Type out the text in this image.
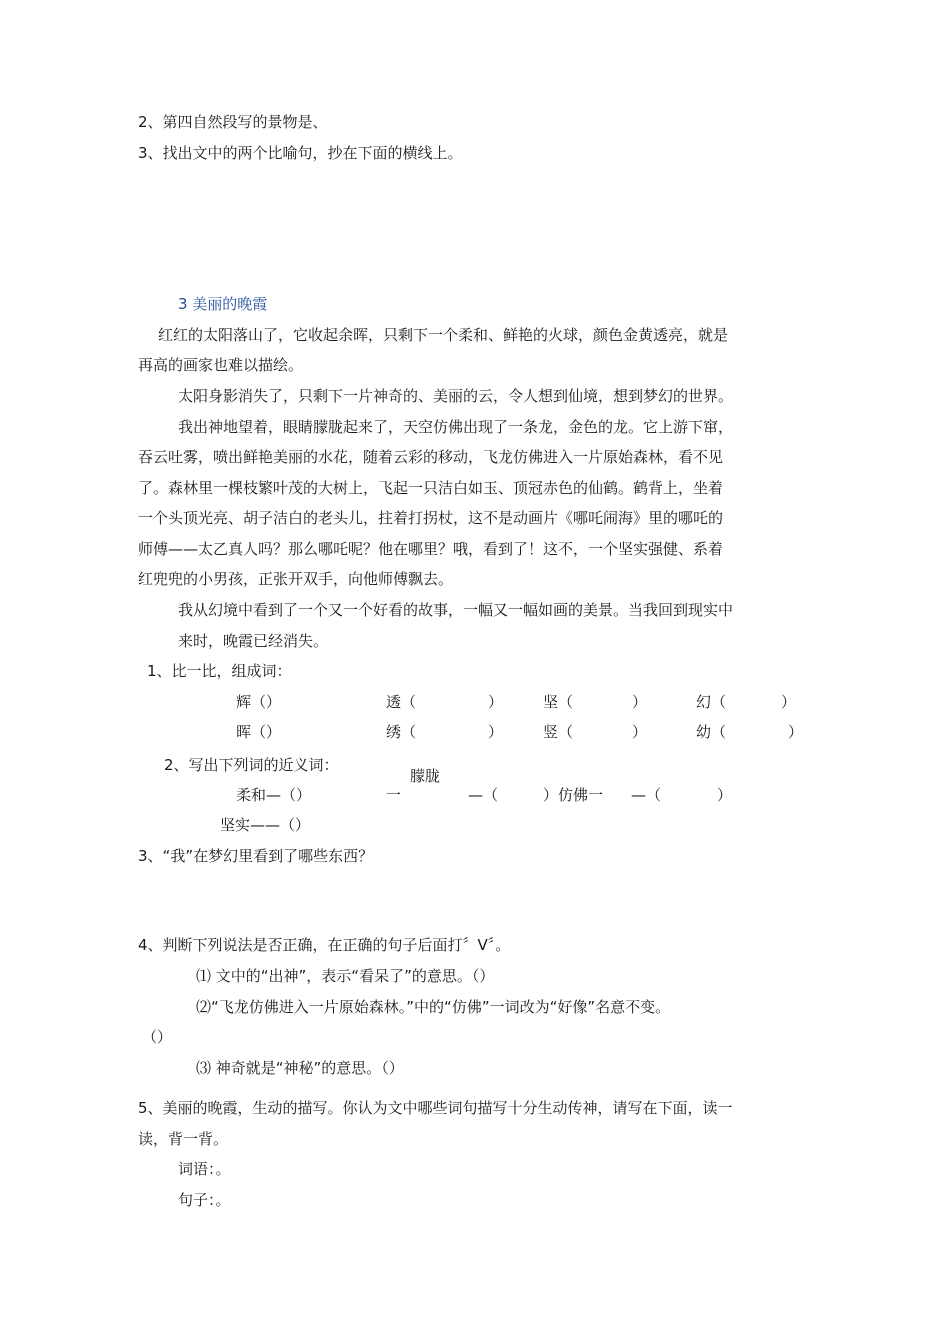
2、第四自然段写的景物是、
3、找出文中的两个比喻句，抄在下面的横线上。
3 美丽的晚霞
红红的太阳落山了，它收起余晖，只剩下一个柔和、鲜艳的火球，颜色金黄透亮，就是
再高的画家也难以描绘。
太阳身影消失了，只剩下一片神奇的、美丽的云，令人想到仙境，想到梦幻的世界。
我出神地望着，眼睛朦胧起来了，天空仿佛出现了一条龙，金色的龙。它上游下窜，
吞云吐雾，喷出鲜艳美丽的水花，随着云彩的移动，飞龙仿佛进入一片原始森林，看不见
了。森林里一棵枝繁叶茂的大树上，飞起一只洁白如玉、顶冠赤色的仙鹤。鹤背上，坐着
一个头顶光亮、胡子洁白的老头儿，拄着打拐杖，这不是动画片《哪吒闹海》里的哪吒的
师傅——太乙真人吗？那么哪吒呢？他在哪里？哦，看到了！这不，一个坚实强健、系着
红兜兜的小男孩，正张开双手，向他师傅飘去。
我从幻境中看到了一个又一个好看的故事，一幅又一幅如画的美景。当我回到现实中
来时，晚霞已经消失。
1、比一比，组成词：
辉（）	透（	）	坚（	）	幻（	）
晖（）	绣（	）	竖（	）	幼（	）
2、写出下列词的近义词：
朦胧
柔和—（）	一	—（	）仿佛一 —（	）
坚实——（）
3、“我”在梦幻里看到了哪些东西？
4、判断下列说法是否正确，在正确的句子后面打〞V〞。
⑴ 文中的“出神”，表示“看呆了”的意思。（）
⑵“飞龙仿佛进入一片原始森林。”中的“仿佛”一词改为“好像”名意不变。
（）
⑶ 神奇就是“神秘”的意思。（）
5、美丽的晚霞，生动的描写。你认为文中哪些词句描写十分生动传神，请写在下面，读一
读，背一背。
词语：。
句子：。
